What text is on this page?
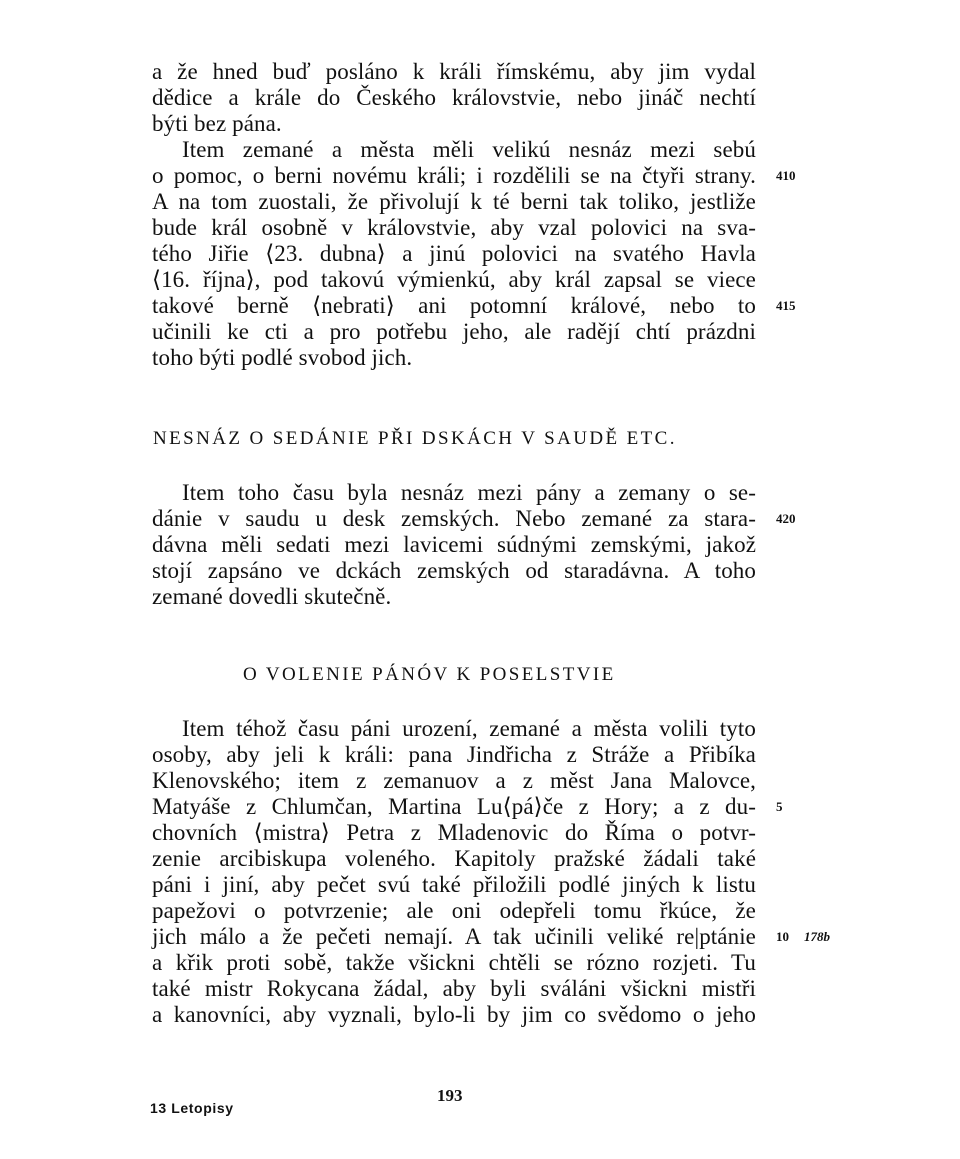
a že hned buď posláno k králi římskému, aby jim vydal
dědice a krále do Českého královstvie, nebo jináč nechtí
býti bez pána.
Item zemané a města měli velikú nesnáz mezi sebú
o pomoc, o berni novému králi; i rozdělili se na čtyři strany.
A na tom zuostali, že přivolují k té berni tak toliko, jestliže
bude král osobně v královstvie, aby vzal polovici na sva-
tého Jiřie ⟨23. dubna⟩ a jinú polovici na svatého Havla
⟨16. října⟩, pod takovú výmienkú, aby král zapsal se viece
takové berně ⟨nebrati⟩ ani potomní králové, nebo to
učinili ke cti a pro potřebu jeho, ale radějí chtí prázdni
toho býti podlé svobod jich.
NESNÁZ O SEDÁNIE PŘI DSKÁCH V SAUDĚ ETC.
Item toho času byla nesnáz mezi pány a zemany o se-
dánie v saudu u desk zemských. Nebo zemané za stara-
dávna měli sedati mezi lavicemi súdnými zemskými, jakož
stojí zapsáno ve dckách zemských od staradávna. A toho
zemané dovedli skutečně.
O VOLENIE PÁNÓV K POSELSTVIE
Item téhož času páni urození, zemané a města volili tyto
osoby, aby jeli k králi: pana Jindřicha z Stráže a Přibíka
Klenovského; item z zemanuov a z měst Jana Malovce,
Matyáše z Chlumčan, Martina Lu⟨pá⟩če z Hory; a z du-
chovních ⟨mistra⟩ Petra z Mladenovic do Říma o potvr-
zenie arcibiskupa voleného. Kapitoly pražské žádali také
páni i jiní, aby pečet svú také přiložili podlé jiných k listu
papežovi o potvrzenie; ale oni odepřeli tomu řkúce, že
jich málo a že pečeti nemají. A tak učinili veliké re|ptánie
a křik proti sobě, takže všicknі chtěli se rózno rozjeti. Tu
také mistr Rokycana žádal, aby byli sváláni všicknі mistři
a kanovníci, aby vyznali, bylo-li by jim co svědomo o jeho
410
415
420
5
10 178b
13 Letopisy
193
